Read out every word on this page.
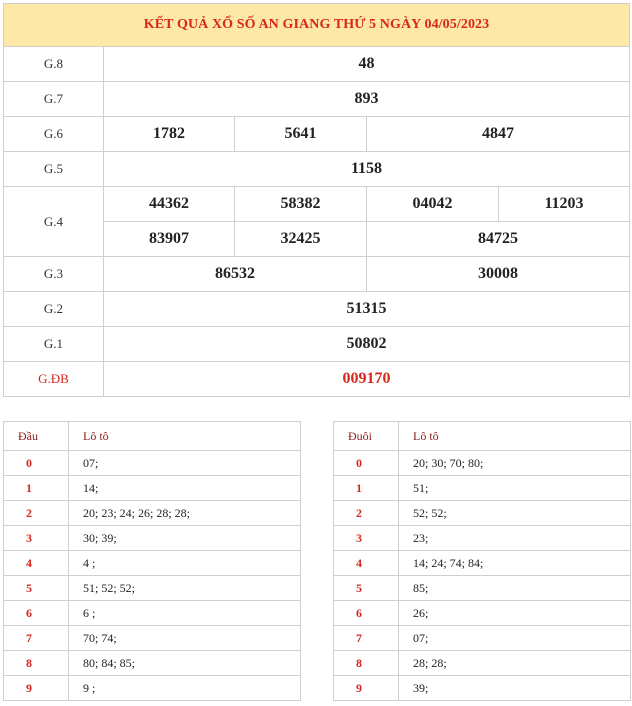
KẾT QUẢ XỔ SỐ AN GIANG THỨ 5 NGÀY 04/05/2023				
G.8	48			
G.7	893			
G.6	1782	5641	4847	
G.5	1158			
G.4	44362	58382	04042	11203
	83907	32425	84725	
G.3	86532		30008	
G.2	51315			
G.1	50802			
G.ĐB	009170			
Đầu	Lô tô
0	07;
1	14;
2	20; 23; 24; 26; 28; 28;
3	30; 39;
4	4 ;
5	51; 52; 52;
6	6 ;
7	70; 74;
8	80; 84; 85;
9	9 ;
Đuôi	Lô tô
0	20; 30; 70; 80;
1	51;
2	52; 52;
3	23;
4	14; 24; 74; 84;
5	85;
6	26;
7	07;
8	28; 28;
9	39;
